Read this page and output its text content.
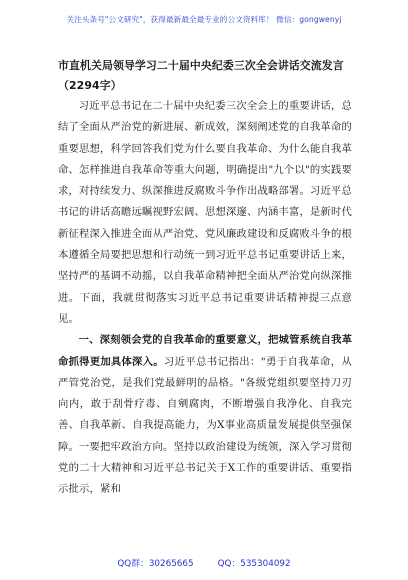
关注头条号"公文研究"，获得最新最全最专业的公文资料库！ 微信：gongwenyj

市直机关局领导学习二十届中央纪委三次全会讲话交流发言（2294字）

习近平总书记在二十届中央纪委三次全会上的重要讲话，总结了全面从严治党的新进展、新成效，深刻阐述党的自我革命的重要思想，科学回答我们党为什么要自我革命、为什么能自我革命、怎样推进自我革命等重大问题，明确提出"九个以"的实践要求，对持续发力、纵深推进反腐败斗争作出战略部署。习近平总书记的讲话高瞻远瞩视野宏阔、思想深邃、内涵丰富，是新时代新征程深入推进全面从严治党、党风廉政建设和反腐败斗争的根本遵循全局要把思想和行动统一到习近平总书记重要讲话上来，坚持严的基调不动摇，以自我革命精神把全面从严治党向纵深推进。下面，我就贯彻落实习近平总书记重要讲话精神提三点意见。

一、深刻领会党的自我革命的重要意义，把城管系统自我革命抓得更加具体深入。习近平总书记指出："勇于自我革命，从严管党治党，是我们党最鲜明的品格。"各级党组织要坚持刀刃向内，敢于刮骨疗毒、自剜腐肉，不断增强自我净化、自我完善、自我革新、自我提高能力，为X事业高质量发展提供坚强保障。一要把牢政治方向。坚持以政治建设为统领，深入学习贯彻党的二十大精神和习近平总书记关于X工作的重要讲话、重要指示批示，紧和

QQ群：30265665	QQ：535304092
